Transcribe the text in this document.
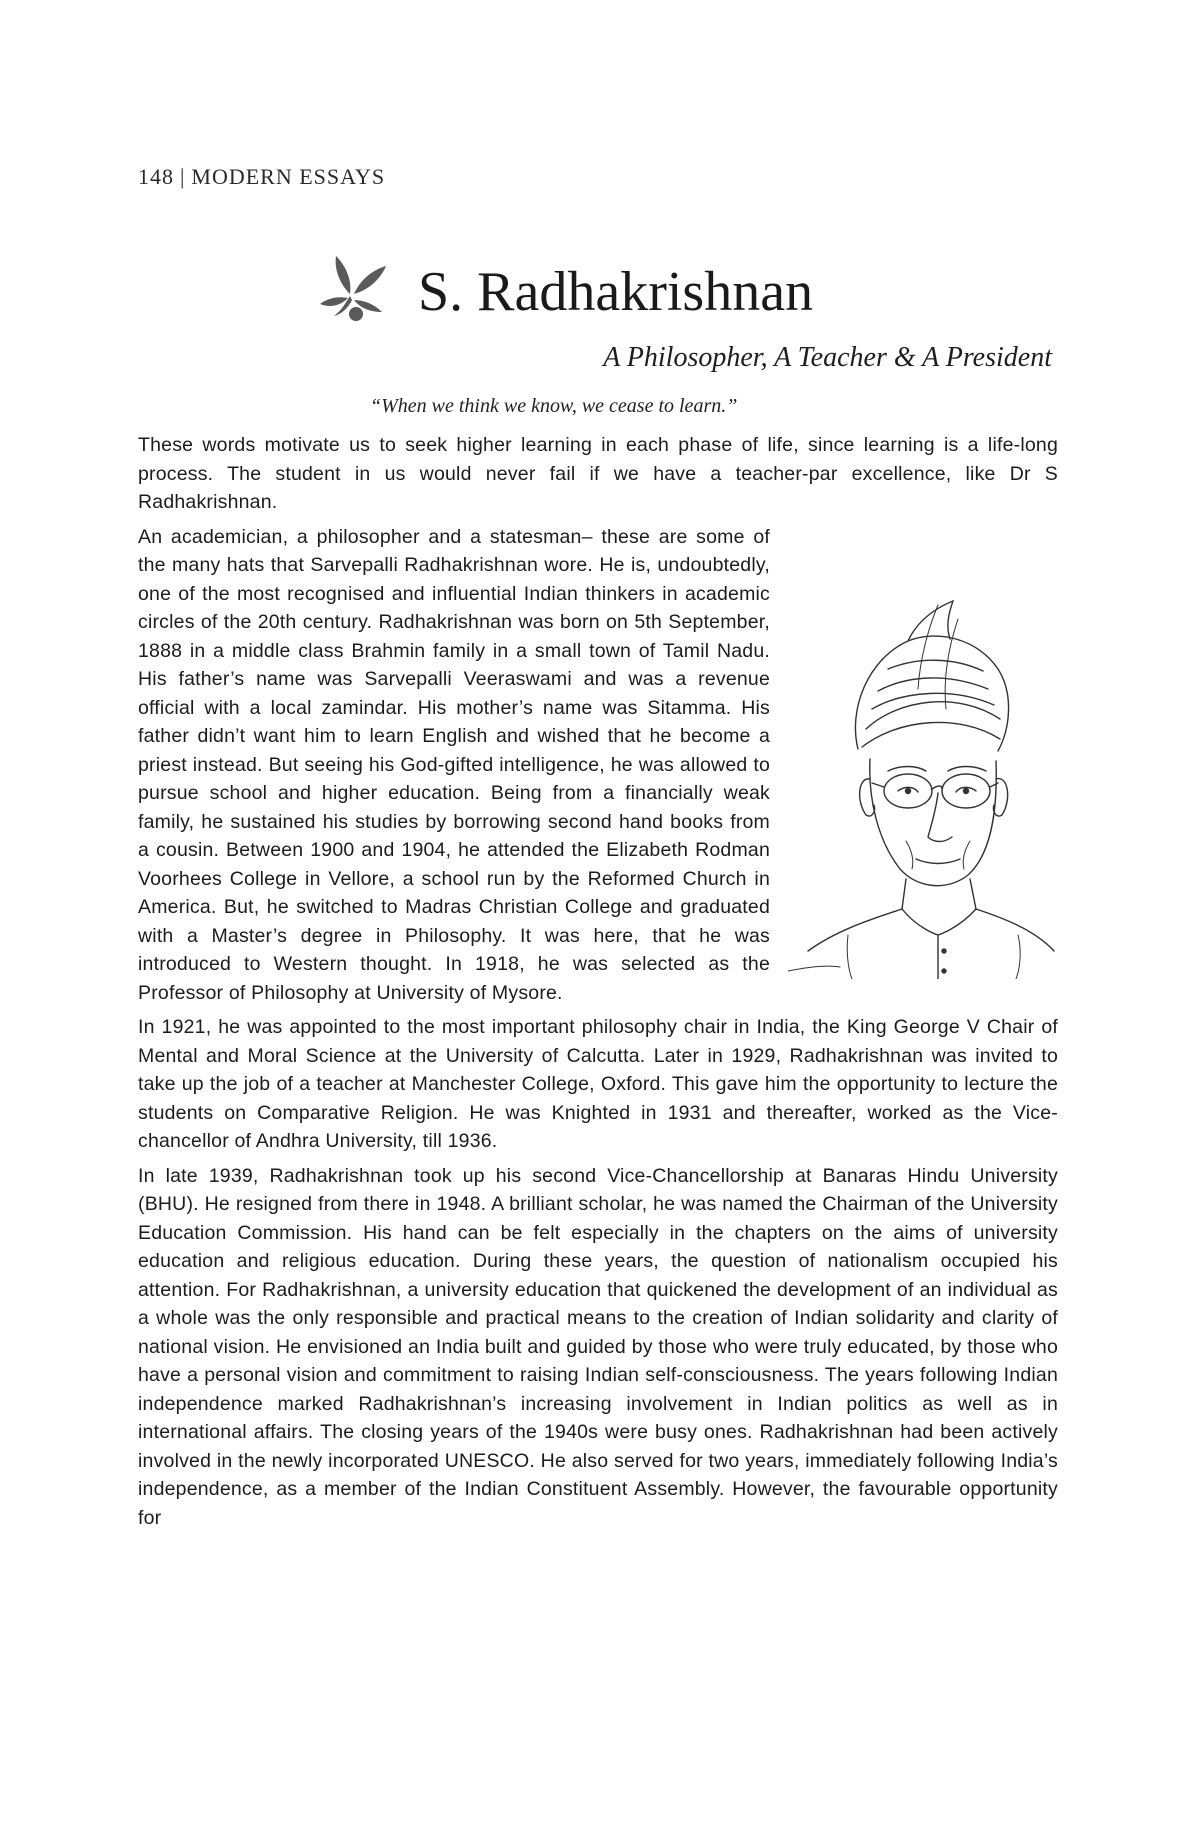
148 | MODERN ESSAYS
S. Radhakrishnan
A Philosopher, A Teacher & A President
“When we think we know, we cease to learn.”

These words motivate us to seek higher learning in each phase of life, since learning is a life-long process. The student in us would never fail if we have a teacher-par excellence, like Dr S Radhakrishnan.

An academician, a philosopher and a statesman– these are some of the many hats that Sarvepalli Radhakrishnan wore. He is, undoubtedly, one of the most recognised and influential Indian thinkers in academic circles of the 20th century. Radhakrishnan was born on 5th September, 1888 in a middle class Brahmin family in a small town of Tamil Nadu. His father’s name was Sarvepalli Veeraswami and was a revenue official with a local zamindar. His mother’s name was Sitamma. His father didn’t want him to learn English and wished that he become a priest instead. But seeing his God-gifted intelligence, he was allowed to pursue school and higher education. Being from a financially weak family, he sustained his studies by borrowing second hand books from a cousin. Between 1900 and 1904, he attended the Elizabeth Rodman Voorhees College in Vellore, a school run by the Reformed Church in America. But, he switched to Madras Christian College and graduated with a Master’s degree in Philosophy. It was here, that he was introduced to Western thought. In 1918, he was selected as the Professor of Philosophy at University of Mysore.

In 1921, he was appointed to the most important philosophy chair in India, the King George V Chair of Mental and Moral Science at the University of Calcutta. Later in 1929, Radhakrishnan was invited to take up the job of a teacher at Manchester College, Oxford. This gave him the opportunity to lecture the students on Comparative Religion. He was Knighted in 1931 and thereafter, worked as the Vice-chancellor of Andhra University, till 1936.

In late 1939, Radhakrishnan took up his second Vice-Chancellorship at Banaras Hindu University (BHU). He resigned from there in 1948. A brilliant scholar, he was named the Chairman of the University Education Commission. His hand can be felt especially in the chapters on the aims of university education and religious education. During these years, the question of nationalism occupied his attention. For Radhakrishnan, a university education that quickened the development of an individual as a whole was the only responsible and practical means to the creation of Indian solidarity and clarity of national vision. He envisioned an India built and guided by those who were truly educated, by those who have a personal vision and commitment to raising Indian self-consciousness. The years following Indian independence marked Radhakrishnan’s increasing involvement in Indian politics as well as in international affairs. The closing years of the 1940s were busy ones. Radhakrishnan had been actively involved in the newly incorporated UNESCO. He also served for two years, immediately following India’s independence, as a member of the Indian Constituent Assembly. However, the favourable opportunity for
